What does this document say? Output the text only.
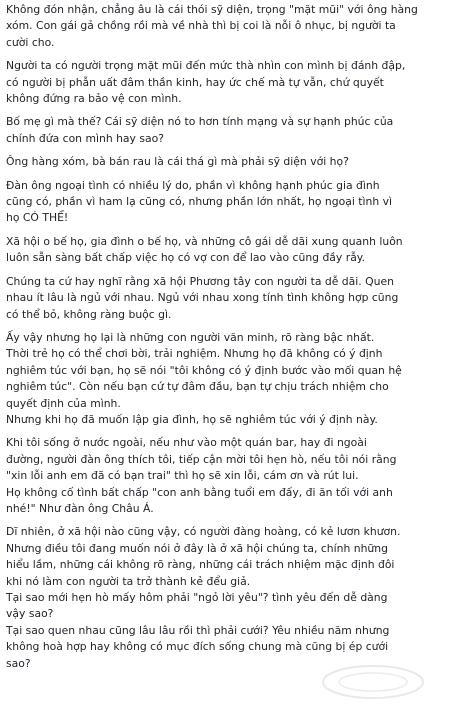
Không đón nhận, chẳng âu là cái thói sỹ diện, trọng "mặt mũi" với ông hàng
xóm. Con gái gả chồng rồi mà về nhà thì bị coi là nỗi ô nhục, bị người ta
cười cho.

Người ta có người trọng mặt mũi đến mức thà nhìn con mình bị đánh đập,
có người bị phẫn uất đâm thần kinh, hay ức chế mà tự vẫn, chứ quyết
không đứng ra bảo vệ con mình.

Bố mẹ gì mà thế? Cái sỹ diện nó to hơn tính mạng và sự hạnh phúc của
chính đứa con mình hay sao?

Ông hàng xóm, bà bán rau là cái thá gì mà phải sỹ diện với họ?

Đàn ông ngoại tình có nhiều lý do, phần vì không hạnh phúc gia đình
cũng có, phần vì ham lạ cũng có, nhưng phần lớn nhất, họ ngoại tình vì
họ CÓ THỂ!

Xã hội o bế họ, gia đình o bế họ, và những cô gái dễ dãi xung quanh luôn
luôn sẵn sàng bất chấp việc họ có vợ con để lao vào cũng đầy rẫy.

Chúng ta cứ hay nghĩ rằng xã hội Phương tây con người ta dễ dãi. Quen
nhau ít lâu là ngủ với nhau. Ngủ với nhau xong tính tình không hợp cũng
có thể bỏ, không ràng buộc gì.

Ấy vậy nhưng họ lại là những con người văn minh, rõ ràng bậc nhất.
Thời trẻ họ có thể chơi bời, trải nghiệm. Nhưng họ đã không có ý định
nghiêm túc với bạn, họ sẽ nói "tôi không có ý định bước vào mối quan hệ
nghiêm túc". Còn nếu bạn cứ tự đâm đầu, bạn tự chịu trách nhiệm cho
quyết định của mình.
Nhưng khi họ đã muốn lập gia đình, họ sẽ nghiêm túc với ý định này.

Khi tôi sống ở nước ngoài, nếu như vào một quán bar, hay đi ngoài
đường, người đàn ông thích tôi, tiếp cận mời tôi hẹn hò, nếu tôi nói rằng
"xin lỗi anh em đã có bạn trai" thì họ sẽ xin lỗi, cám ơn và rút lui.
Họ không cố tình bất chấp "con anh bằng tuổi em đấy, đi ăn tối với anh
nhé!" Như đàn ông Châu Á.

Dĩ nhiên, ở xã hội nào cũng vậy, có người đàng hoàng, có kẻ lươn khươn.
Nhưng điều tôi đang muốn nói ở đây là ở xã hội chúng ta, chính những
hiểu lầm, những cái không rõ ràng, những cái trách nhiệm mặc định đôi
khi nó làm con người ta trở thành kẻ đểu giả.
Tại sao mới hẹn hò mấy hôm phải "ngỏ lời yêu"? tình yêu đến dễ dàng
vậy sao?
Tại sao quen nhau cũng lâu lâu rồi thì phải cưới? Yêu nhiều năm nhưng
không hoà hợp hay không có mục đích sống chung mà cũng bị ép cưới
sao?
